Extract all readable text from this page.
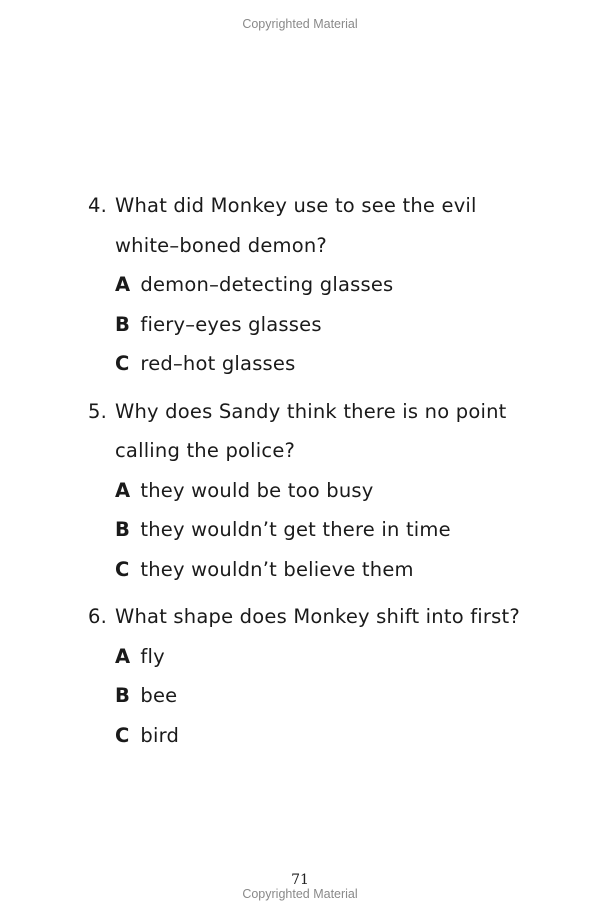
Copyrighted Material
4. What did Monkey use to see the evil white–boned demon?
A demon–detecting glasses
B fiery–eyes glasses
C red–hot glasses
5. Why does Sandy think there is no point calling the police?
A they would be too busy
B they wouldn’t get there in time
C they wouldn’t believe them
6. What shape does Monkey shift into first?
A fly
B bee
C bird
71
Copyrighted Material
